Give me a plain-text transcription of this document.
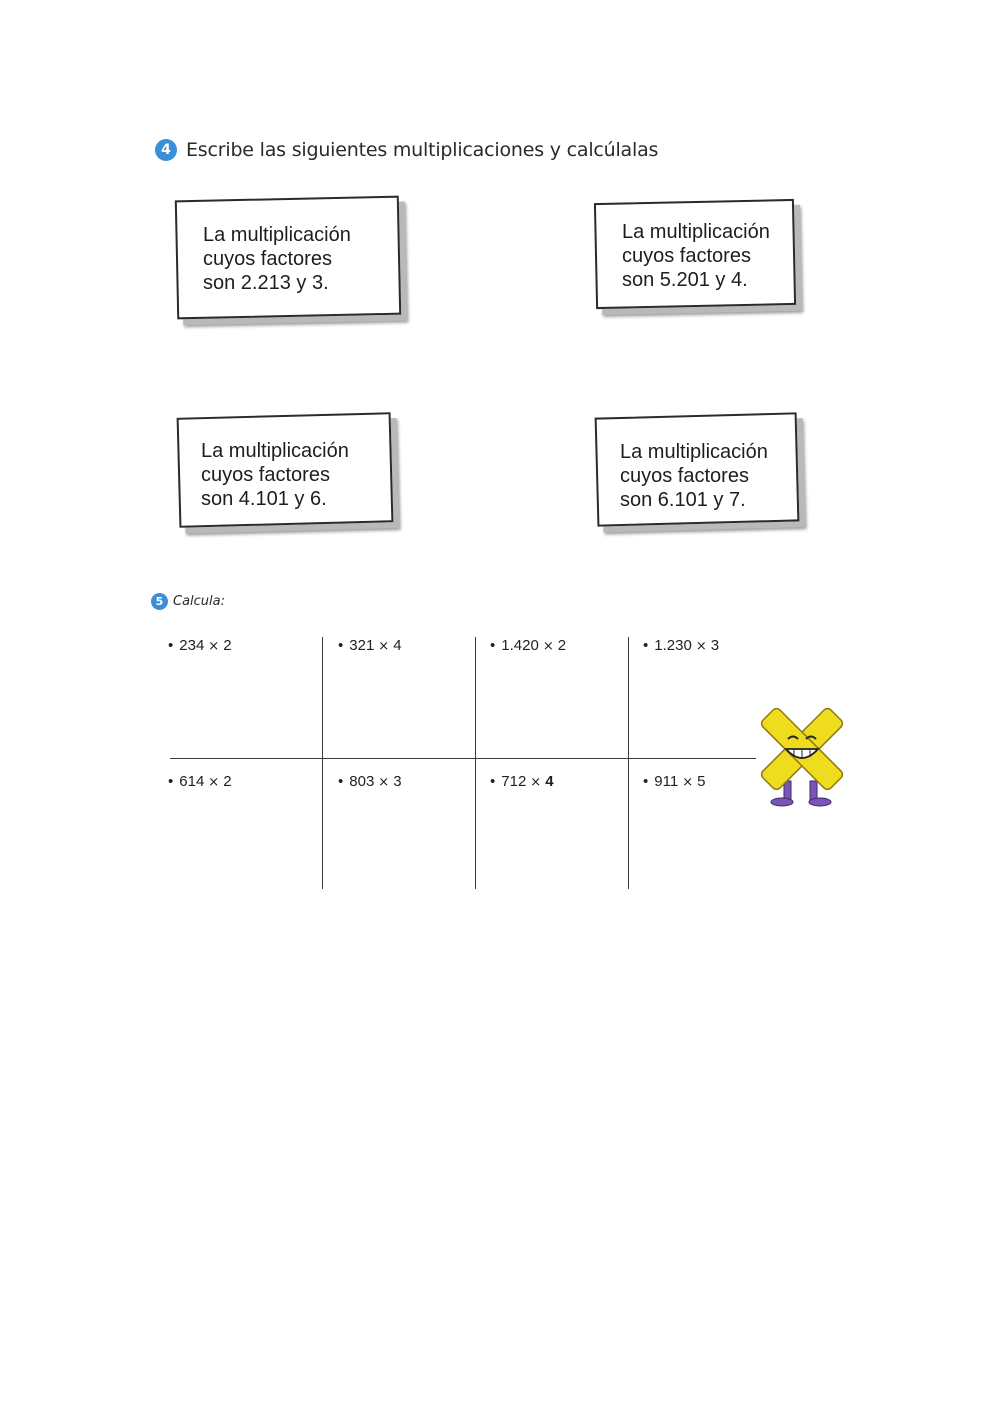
4 Escribe las siguientes multiplicaciones y calcúlalas
La multiplicación
cuyos factores
son 2.213 y 3.
La multiplicación
cuyos factores
son 5.201 y 4.
La multiplicación
cuyos factores
son 4.101 y 6.
La multiplicación
cuyos factores
son 6.101 y 7.
5 Calcula:
• 234 × 2	• 321 × 4	• 1.420 × 2	• 1.230 × 3
• 614 × 2	• 803 × 3	• 712 × 4	• 911 × 5
